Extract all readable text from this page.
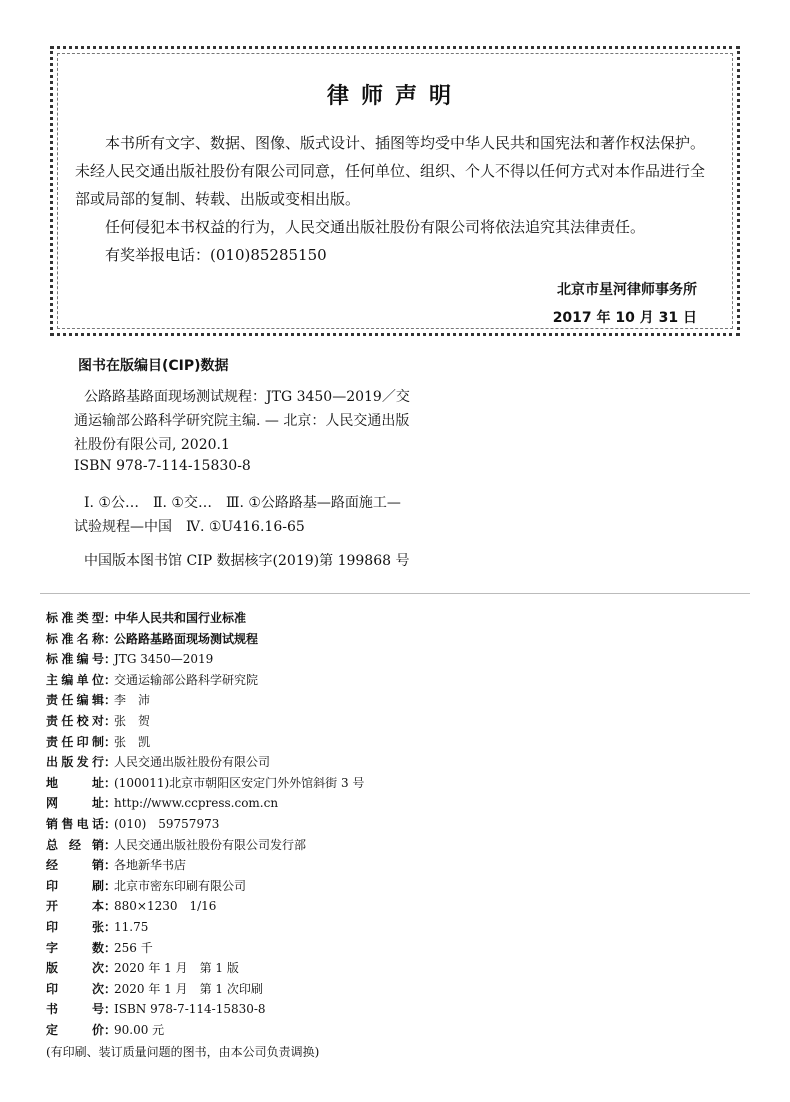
律师声明

本书所有文字、数据、图像、版式设计、插图等均受中华人民共和国宪法和著作权法保护。未经人民交通出版社股份有限公司同意，任何单位、组织、个人不得以任何方式对本作品进行全部或局部的复制、转载、出版或变相出版。

任何侵犯本书权益的行为，人民交通出版社股份有限公司将依法追究其法律责任。

有奖举报电话：(010)85285150

北京市星河律师事务所
2017 年 10 月 31 日
图书在版编目(CIP)数据
公路路基路面现场测试规程：JTG 3450—2019／交
通运输部公路科学研究院主编. — 北京：人民交通出版
社股份有限公司, 2020.1
ISBN 978-7-114-15830-8
Ⅰ. ①公…　Ⅱ. ①交…　Ⅲ. ①公路路基—路面施工—
试验规程—中国　Ⅳ. ①U416.16-65
中国版本图书馆 CIP 数据核字(2019)第 199868 号
标准类型：中华人民共和国行业标准
标准名称：公路路基路面现场测试规程
标准编号：JTG 3450—2019
主编单位：交通运输部公路科学研究院
责任编辑：李　沛
责任校对：张　贺
责任印制：张　凯
出版发行：人民交通出版社股份有限公司
地址：(100011)北京市朝阳区安定门外外馆斜街 3 号
网址：http://www.ccpress.com.cn
销售电话：(010)　59757973
总经销：人民交通出版社股份有限公司发行部
经销：各地新华书店
印刷：北京市密东印刷有限公司
开本：880×1230　1/16
印张：11.75
字数：256 千
版次：2020 年 1 月　第 1 版
印次：2020 年 1 月　第 1 次印刷
书号：ISBN 978-7-114-15830-8
定价：90.00 元
(有印刷、装订质量问题的图书，由本公司负责调换)
